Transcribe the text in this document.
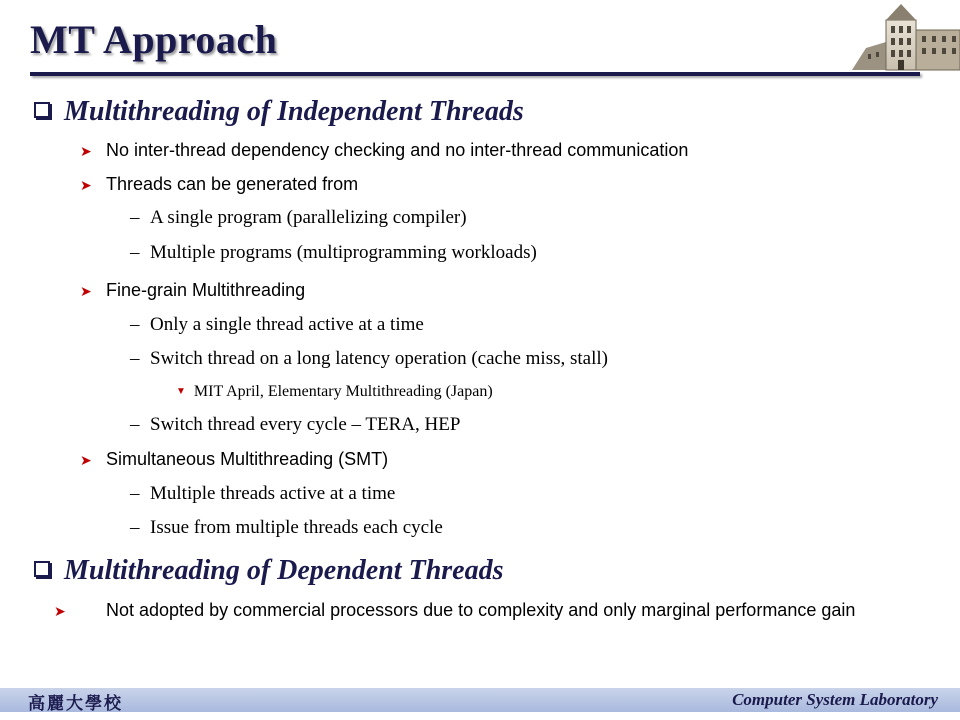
MT Approach
Multithreading of Independent Threads
➤ No inter-thread dependency checking and no inter-thread communication
➤ Threads can be generated from
– A single program (parallelizing compiler)
– Multiple programs (multiprogramming workloads)
➤ Fine-grain Multithreading
– Only a single thread active at a time
– Switch thread on a long latency operation (cache miss, stall)
▼ MIT April, Elementary Multithreading (Japan)
– Switch thread every cycle – TERA, HEP
➤ Simultaneous Multithreading (SMT)
– Multiple threads active at a time
– Issue from multiple threads each cycle
Multithreading of Dependent Threads
➤ Not adopted by commercial processors due to complexity and only marginal performance gain
高麗大學校	Computer System Laboratory
